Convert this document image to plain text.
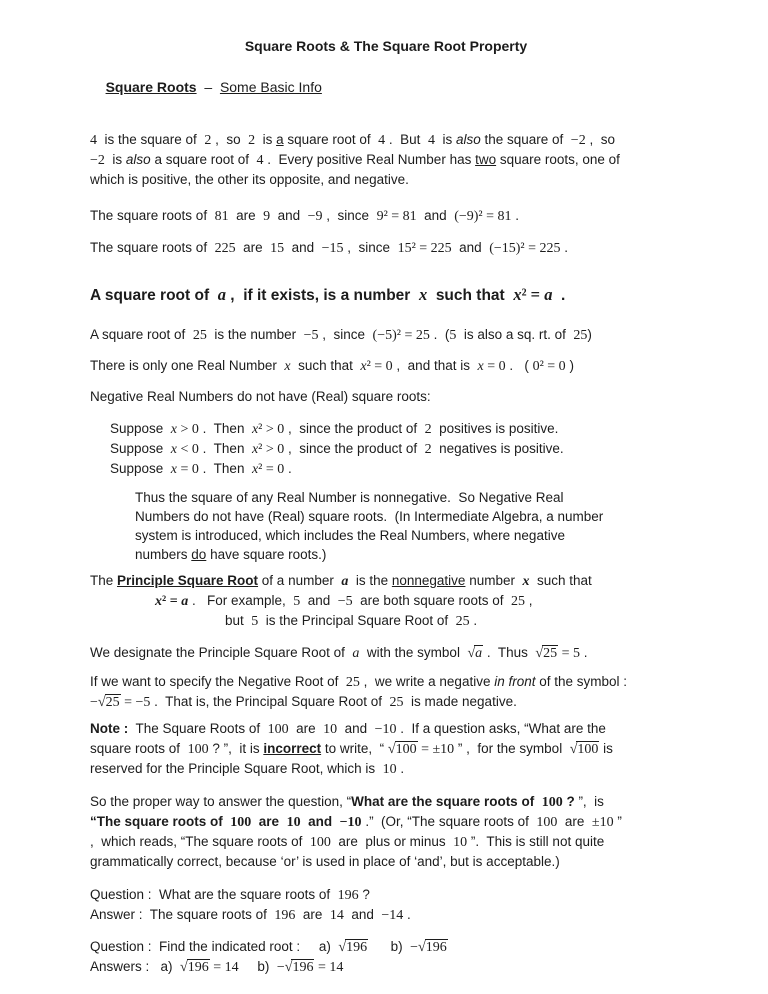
Square Roots & The Square Root Property

Square Roots  –  Some Basic Info

4  is the square of  2 ,  so  2  is a square root of  4 .  But  4  is also the square of  −2 ,  so
−2  is also a square root of  4 .  Every positive Real Number has two square roots, one of
which is positive, the other its opposite, and negative.
The square roots of  81  are  9  and  −9 ,  since  9² = 81  and  (−9)² = 81 .
The square roots of  225  are  15  and  −15 ,  since  15² = 225  and  (−15)² = 225 .
A square root of  a ,  if it exists, is a number  x  such that  x² = a  .
A square root of  25  is the number  −5 ,  since  (−5)² = 25 .  (5  is also a sq. rt. of  25)
There is only one Real Number  x  such that  x² = 0 ,  and that is  x = 0 .   ( 0² = 0 )
Negative Real Numbers do not have (Real) square roots:
Suppose  x > 0 .  Then  x² > 0 ,  since the product of  2  positives is positive.
Suppose  x < 0 .  Then  x² > 0 ,  since the product of  2  negatives is positive.
Suppose  x = 0 .  Then  x² = 0 .
Thus the square of any Real Number is nonnegative.  So Negative Real
Numbers do not have (Real) square roots.  (In Intermediate Algebra, a number
system is introduced, which includes the Real Numbers, where negative
numbers do have square roots.)
The Principle Square Root of a number  a  is the nonnegative number  x  such that
x² = a .   For example,  5  and  −5  are both square roots of  25 ,
but  5  is the Principal Square Root of  25 .
We designate the Principle Square Root of  a  with the symbol  √a .  Thus  √25 = 5 .
If we want to specify the Negative Root of  25 ,  we write a negative in front of the symbol :
−√25 = −5 .  That is, the Principal Square Root of  25  is made negative.
Note :  The Square Roots of  100  are  10  and  −10 .  If a question asks, “What are the
square roots of  100 ? ”,  it is incorrect to write,  “ √100 = ±10 ” ,  for the symbol  √100 is
reserved for the Principle Square Root, which is  10 .
So the proper way to answer the question, “What are the square roots of  100 ? ”,  is
“The square roots of  100  are  10  and  −10 .”  (Or, “The square roots of  100  are  ±10 ”
,  which reads, “The square roots of  100  are  plus or minus  10 ”.  This is still not quite
grammatically correct, because ‘or’ is used in place of ‘and’, but is acceptable.)
Question :  What are the square roots of  196 ?
Answer :  The square roots of  196  are  14  and  −14 .
Question :  Find the indicated root :     a)  √196      b)  −√196
Answers :   a)  √196 = 14     b)  −√196 = 14
